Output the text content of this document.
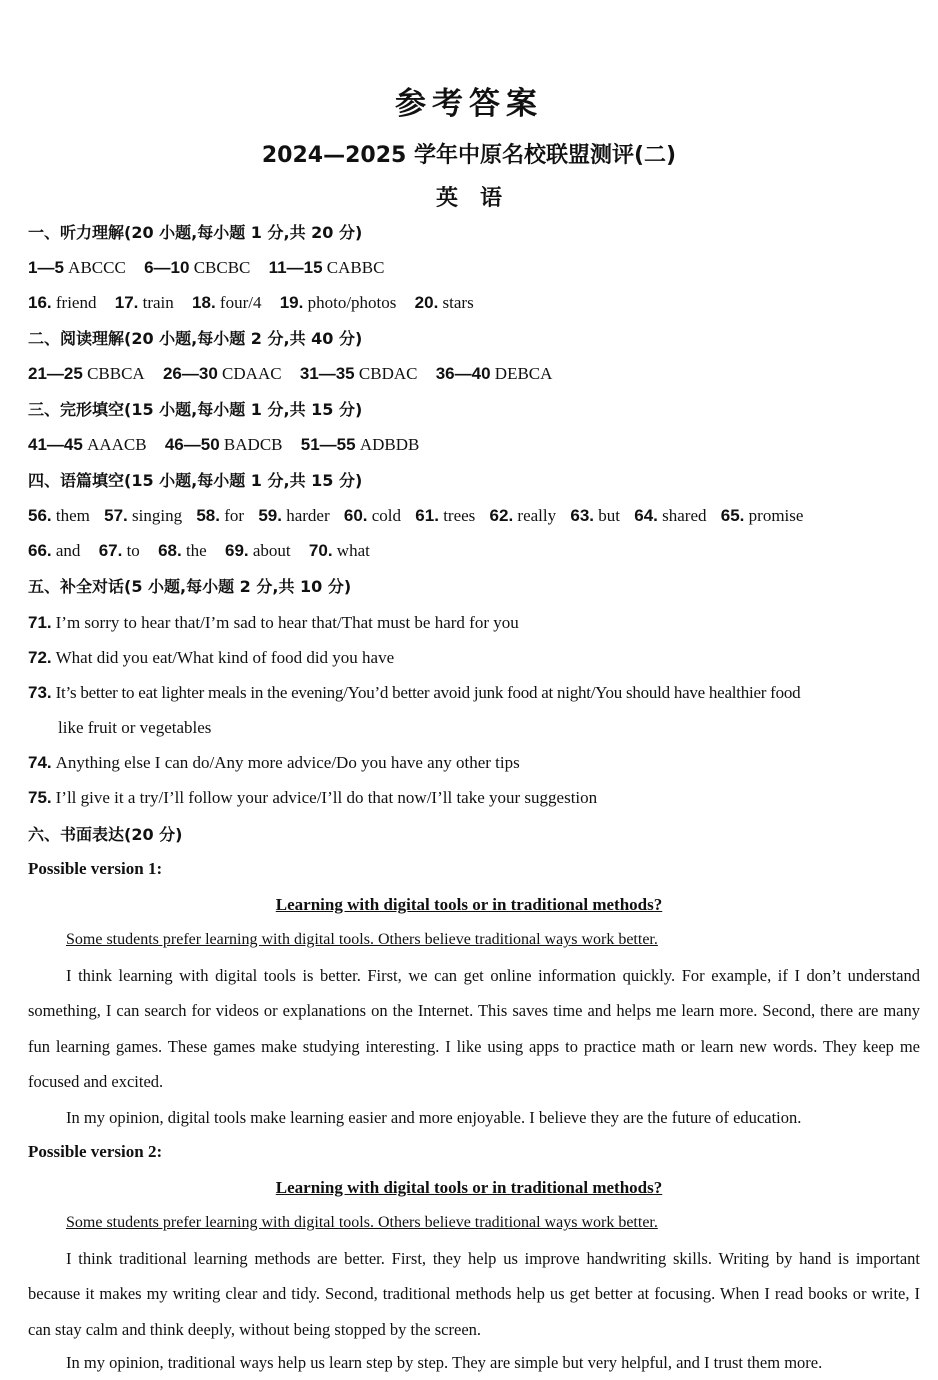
参考答案
2024—2025 学年中原名校联盟测评(二)
英语
一、听力理解(20 小题,每小题 1 分,共 20 分)
1—5 ABCCC 6—10 CBCBC 11—15 CABBC
16. friend 17. train 18. four/4 19. photo/photos 20. stars
二、阅读理解(20 小题,每小题 2 分,共 40 分)
21—25 CBBCA 26—30 CDAAC 31—35 CBDAC 36—40 DEBCA
三、完形填空(15 小题,每小题 1 分,共 15 分)
41—45 AAACB 46—50 BADCB 51—55 ADBDB
四、语篇填空(15 小题,每小题 1 分,共 15 分)
56. them 57. singing 58. for 59. harder 60. cold 61. trees 62. really 63. but 64. shared 65. promise
66. and 67. to 68. the 69. about 70. what
五、补全对话(5 小题,每小题 2 分,共 10 分)
71. I’m sorry to hear that/I’m sad to hear that/That must be hard for you
72. What did you eat/What kind of food did you have
73. It’s better to eat lighter meals in the evening/You’d better avoid junk food at night/You should have healthier food
like fruit or vegetables
74. Anything else I can do/Any more advice/Do you have any other tips
75. I’ll give it a try/I’ll follow your advice/I’ll do that now/I’ll take your suggestion
六、书面表达(20 分)
Possible version 1:
Learning with digital tools or in traditional methods?
Some students prefer learning with digital tools. Others believe traditional ways work better.
I think learning with digital tools is better. First, we can get online information quickly. For example, if I don’t understand something, I can search for videos or explanations on the Internet. This saves time and helps me learn more. Second, there are many fun learning games. These games make studying interesting. I like using apps to practice math or learn new words. They keep me focused and excited.
In my opinion, digital tools make learning easier and more enjoyable. I believe they are the future of education.
Possible version 2:
Learning with digital tools or in traditional methods?
Some students prefer learning with digital tools. Others believe traditional ways work better.
I think traditional learning methods are better. First, they help us improve handwriting skills. Writing by hand is important because it makes my writing clear and tidy. Second, traditional methods help us get better at focusing. When I read books or write, I can stay calm and think deeply, without being stopped by the screen.
In my opinion, traditional ways help us learn step by step. They are simple but very helpful, and I trust them more.
